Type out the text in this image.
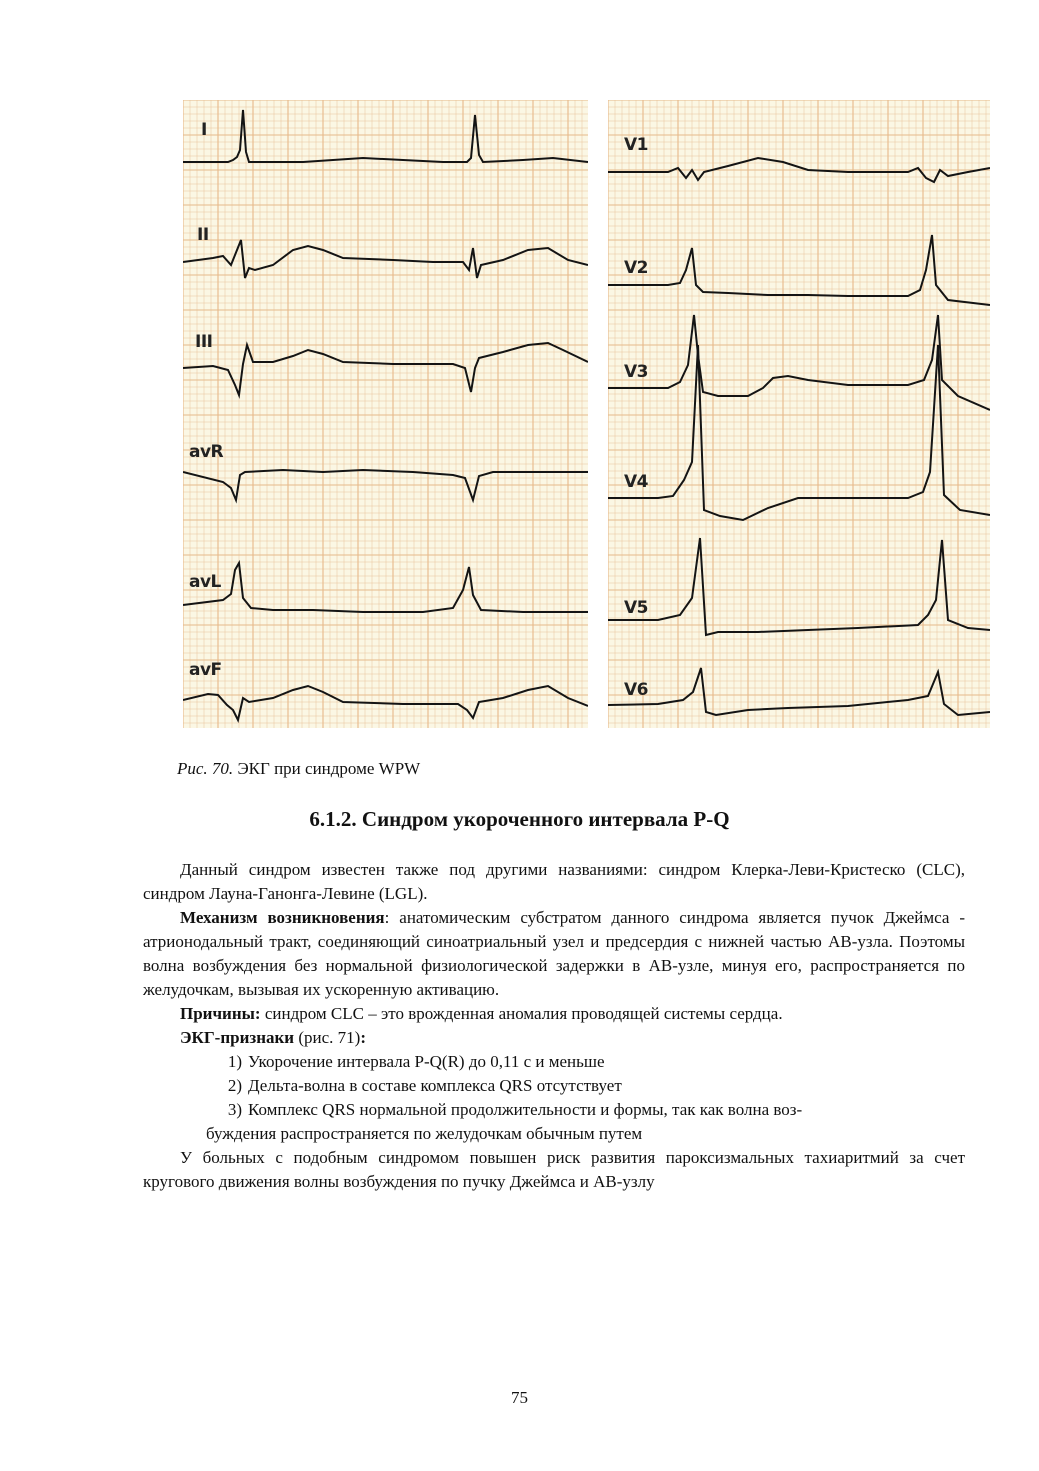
I
II
III
avR
avL
avF
V1
V2
V3
V4
V5
V6
Рис. 70. ЭКГ при синдроме WPW
6.1.2. Синдром укороченного интервала P-Q

Данный синдром известен также под другими названиями: синдром Клерка-Леви-Кристеско (CLC), синдром Лауна-Ганонга-Левине (LGL).

Механизм возникновения: анатомическим субстратом данного синдрома является пучок Джеймса - атрионодальный тракт, соединяющий синоатриальный узел и предсердия с нижней частью АВ-узла. Поэтомы волна возбуждения без нормальной физиологической задержки в АВ-узле, минуя его, распространяется по желудочкам, вызывая их ускоренную активацию.

Причины: синдром CLC – это врожденная аномалия проводящей системы сердца.

ЭКГ-признаки (рис. 71):

1) Укорочение интервала P-Q(R) до 0,11 с и меньше
2) Дельта-волна в составе комплекса QRS отсутствует
3) Комплекс QRS нормальной продолжительности и формы, так как волна воз-
буждения распространяется по желудочкам обычным путем

У больных с подобным синдромом повышен риск развития пароксизмальных тахиаритмий за счет кругового движения волны возбуждения по пучку Джеймса и АВ-узлу

75
